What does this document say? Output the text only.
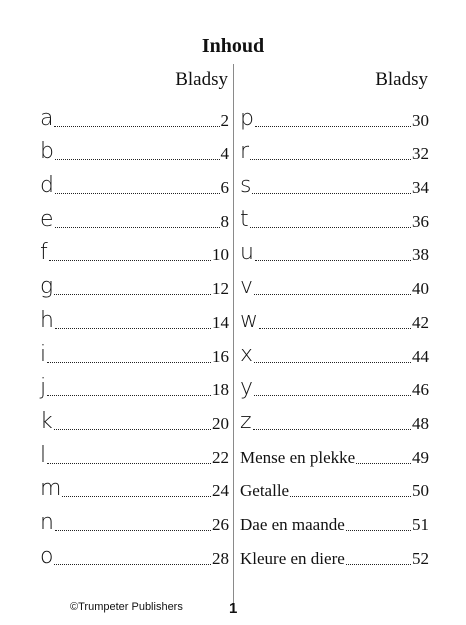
Inhoud
Bladsy	Bladsy
a	2
b	4
d	6
e	8
f	10
g	12
h	14
i	16
j	18
k	20
l	22
m	24
n	26
o	28
p	30
r	32
s	34
t	36
u	38
v	40
w	42
x	44
y	46
z	48
Mense en plekke	49
Getalle	50
Dae en maande	51
Kleure en diere	52
©Trumpeter Publishers	1
